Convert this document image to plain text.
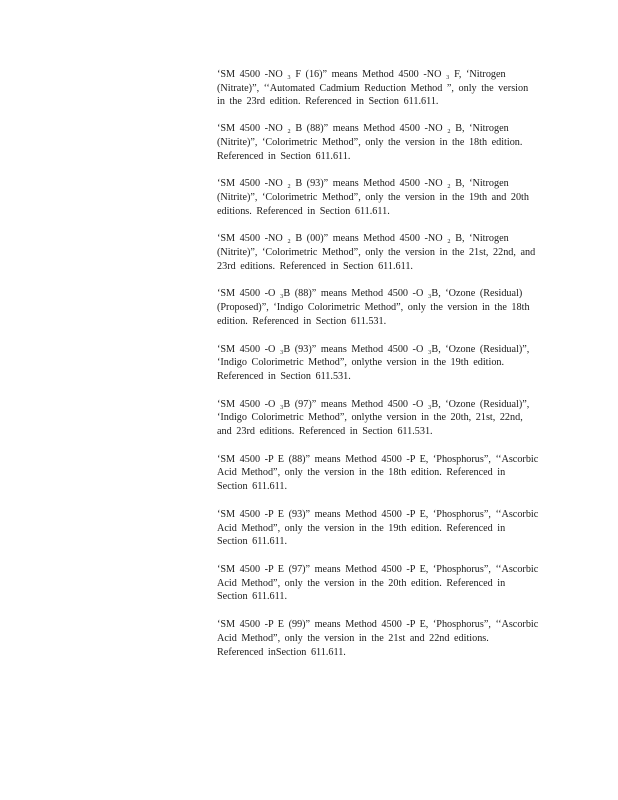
‘SM 4500 -NO ₃ F (16)” means Method 4500 -NO ₃ F, ‘Nitrogen (Nitrate)”, ‘‘Automated Cadmium Reduction Method ”, only the version in the 23rd edition. Referenced in Section 611.611.

‘SM 4500 -NO ₂ B (88)” means Method 4500 -NO ₂ B, ‘Nitrogen (Nitrite)”, ‘Colorimetric Method”, only the version in the 18th edition. Referenced in Section 611.611.

‘SM 4500 -NO ₂ B (93)” means Method 4500 -NO ₂ B, ‘Nitrogen (Nitrite)”, ‘Colorimetric Method”, only the version in the 19th and 20th editions. Referenced in Section 611.611.

‘SM 4500 -NO ₂ B (00)” means Method 4500 -NO ₂ B, ‘Nitrogen (Nitrite)”, ‘Colorimetric Method”, only the version in the 21st, 22nd, and 23rd editions. Referenced in Section 611.611.

‘SM 4500 -O ₃B (88)” means Method 4500 -O ₃B, ‘Ozone (Residual) (Proposed)”, ‘Indigo Colorimetric Method”, only the version in the 18th edition. Referenced in Section 611.531.

‘SM 4500 -O ₃B (93)” means Method 4500 -O ₃B, ‘Ozone (Residual)”, ‘Indigo Colorimetric Method”, onlythe version in the 19th edition. Referenced in Section 611.531.

‘SM 4500 -O ₃B (97)” means Method 4500 -O ₃B, ‘Ozone (Residual)”, ‘Indigo Colorimetric Method”, onlythe version in the 20th, 21st, 22nd, and 23rd editions. Referenced in Section 611.531.

‘SM 4500 -P E (88)” means Method 4500 -P E, ‘Phosphorus”, ‘‘Ascorbic Acid Method”, only the version in the 18th edition. Referenced in Section 611.611.

‘SM 4500 -P E (93)” means Method 4500 -P E, ‘Phosphorus”, ‘‘Ascorbic Acid Method”, only the version in the 19th edition. Referenced in Section 611.611.

‘SM 4500 -P E (97)” means Method 4500 -P E, ‘Phosphorus”, ‘‘Ascorbic Acid Method”, only the version in the 20th edition. Referenced in Section 611.611.

‘SM 4500 -P E (99)” means Method 4500 -P E, ‘Phosphorus”, ‘‘Ascorbic Acid Method”, only the version in the 21st and 22nd editions. Referenced inSection 611.611.
